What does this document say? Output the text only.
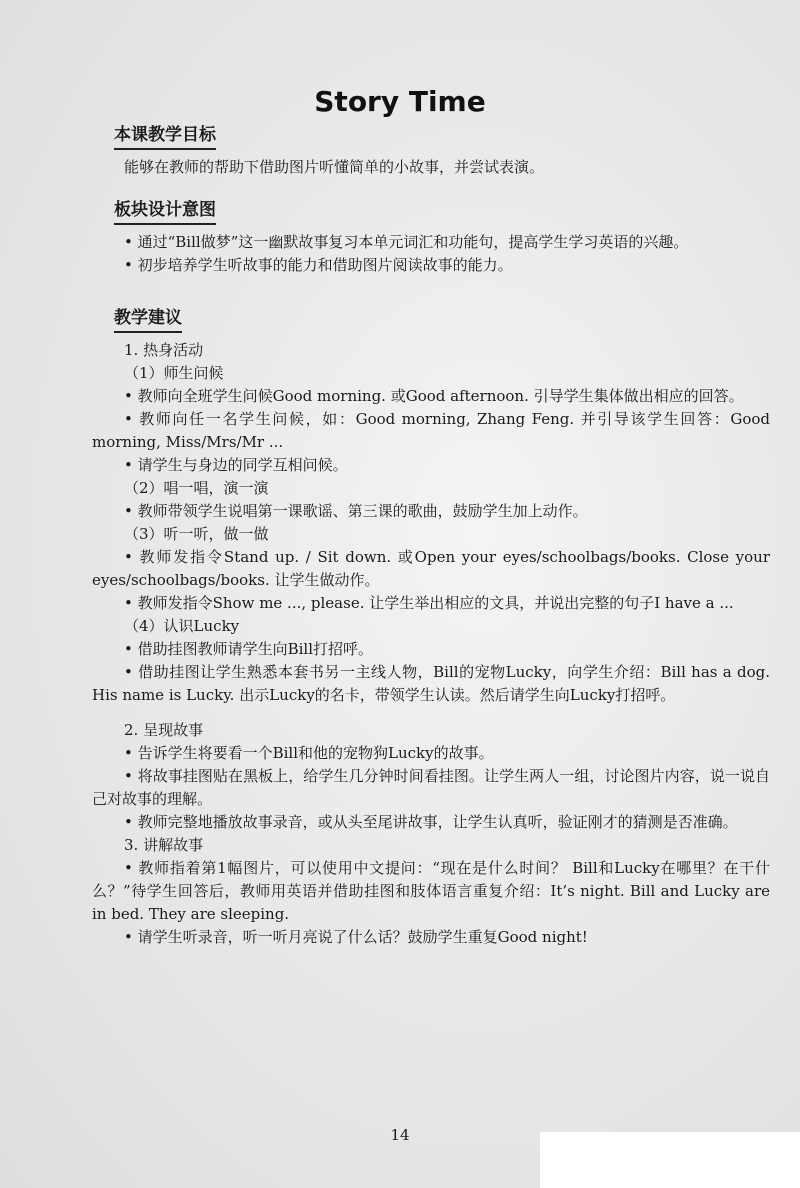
Story Time
本课教学目标

能够在教师的帮助下借助图片听懂简单的小故事，并尝试表演。

板块设计意图

• 通过“Bill做梦”这一幽默故事复习本单元词汇和功能句，提高学生学习英语的兴趣。

• 初步培养学生听故事的能力和借助图片阅读故事的能力。

教学建议

1. 热身活动

（1）师生问候

• 教师向全班学生问候Good morning. 或Good afternoon. 引导学生集体做出相应的回答。

• 教师向任一名学生问候，如：Good morning, Zhang Feng. 并引导该学生回答：Good morning, Miss/Mrs/Mr ...

• 请学生与身边的同学互相问候。

（2）唱一唱，演一演

• 教师带领学生说唱第一课歌谣、第三课的歌曲，鼓励学生加上动作。

（3）听一听，做一做

• 教师发指令Stand up. / Sit down. 或Open your eyes/schoolbags/books. Close your eyes/schoolbags/books. 让学生做动作。

• 教师发指令Show me ..., please. 让学生举出相应的文具，并说出完整的句子I have a ...

（4）认识Lucky

• 借助挂图教师请学生向Bill打招呼。

• 借助挂图让学生熟悉本套书另一主线人物，Bill的宠物Lucky，向学生介绍：Bill has a dog. His name is Lucky. 出示Lucky的名卡，带领学生认读。然后请学生向Lucky打招呼。

2. 呈现故事

• 告诉学生将要看一个Bill和他的宠物狗Lucky的故事。

• 将故事挂图贴在黑板上，给学生几分钟时间看挂图。让学生两人一组，讨论图片内容，说一说自己对故事的理解。

• 教师完整地播放故事录音，或从头至尾讲故事，让学生认真听，验证刚才的猜测是否准确。

3. 讲解故事

• 教师指着第1幅图片，可以使用中文提问：“现在是什么时间？ Bill和Lucky在哪里？在干什么？”待学生回答后，教师用英语并借助挂图和肢体语言重复介绍：It’s night. Bill and Lucky are in bed. They are sleeping.

• 请学生听录音，听一听月亮说了什么话？鼓励学生重复Good night!

14
